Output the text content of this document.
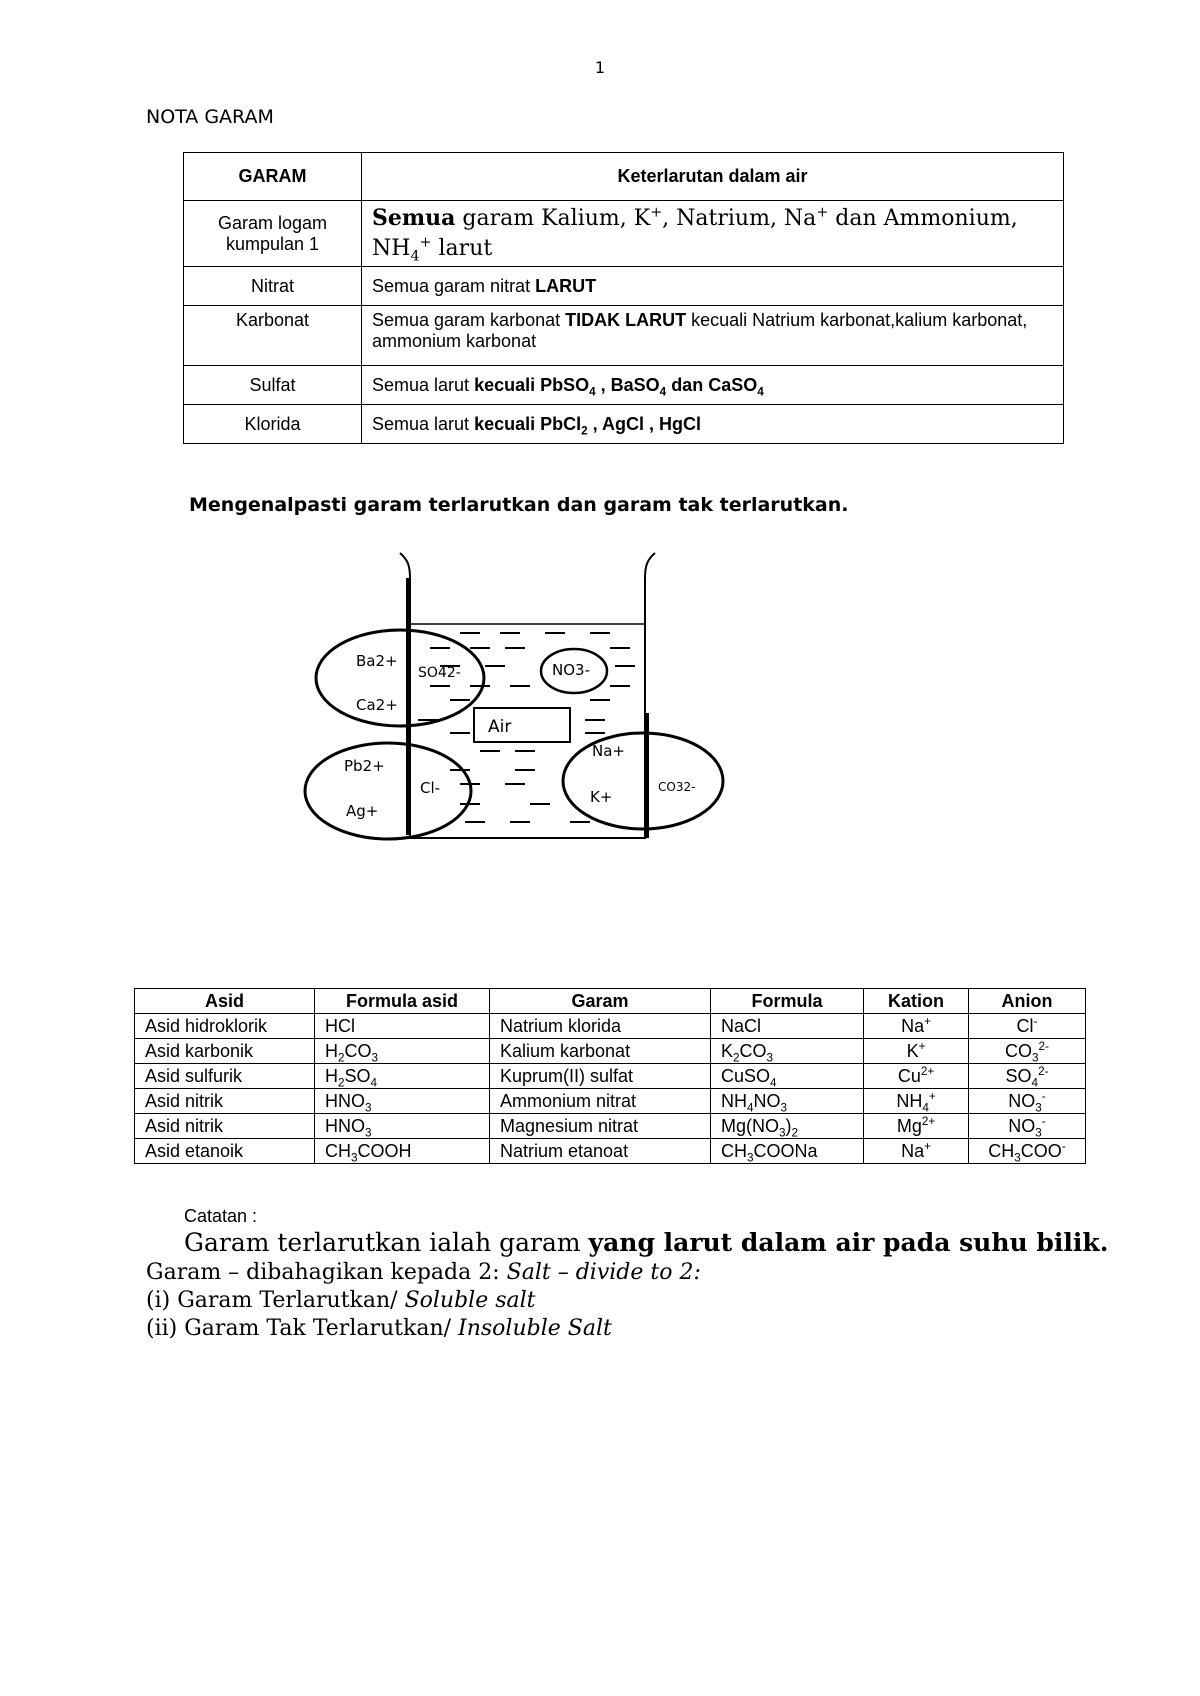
1
NOTA GARAM
GARAM	Keterlarutan dalam air
Garam logam kumpulan 1	Semua garam Kalium, K+, Natrium, Na+ dan Ammonium, $NH_4^+$ larut
Nitrat	Semua garam nitrat LARUT
Karbonat	Semua garam karbonat TIDAK LARUT kecuali Natrium karbonat,kalium karbonat, ammonium karbonat
Sulfat	Semua larut kecuali PbSO$_4$ , BaSO$_4$ dan CaSO$_4$
Klorida	Semua larut kecuali PbCl$_2$ , AgCl , HgCl
Mengenalpasti garam terlarutkan dan garam tak terlarutkan.
Ba2+
Ca2+
SO42-	NO3-
Air
Pb2+
Ag+
Cl-
Na+
K+
CO32-
Asid	Formula asid	Garam	Formula	Kation	Anion
Asid hidroklorik	HCl	Natrium klorida	NaCl	Na+	Cl-
Asid karbonik	$H_2CO_3$	Kalium karbonat	$K_2CO_3$	K+	$CO_3^{2-}$
Asid sulfurik	$H_2SO_4$	Kuprum(II) sulfat	CuSO$_4$	$Cu^{2+}$	$SO_4^{2-}$
Asid nitrik	$HNO_3$	Ammonium nitrat	$NH_4NO_3$	$NH_4^+$	$NO_3^-$
Asid nitrik	$HNO_3$	Magnesium nitrat	$Mg(NO_3)_2$	$Mg^{2+}$	$NO_3^-$
Asid etanoik	$CH_3COOH$	Natrium etanoat	$CH_3COONa$	Na+	$CH_3COO^-$
Catatan :
Garam terlarutkan ialah garam yang larut dalam air pada suhu bilik.
Garam – dibahagikan kepada 2: Salt – divide to 2:
(i) Garam Terlarutkan/ Soluble salt
(ii) Garam Tak Terlarutkan/ Insoluble Salt
